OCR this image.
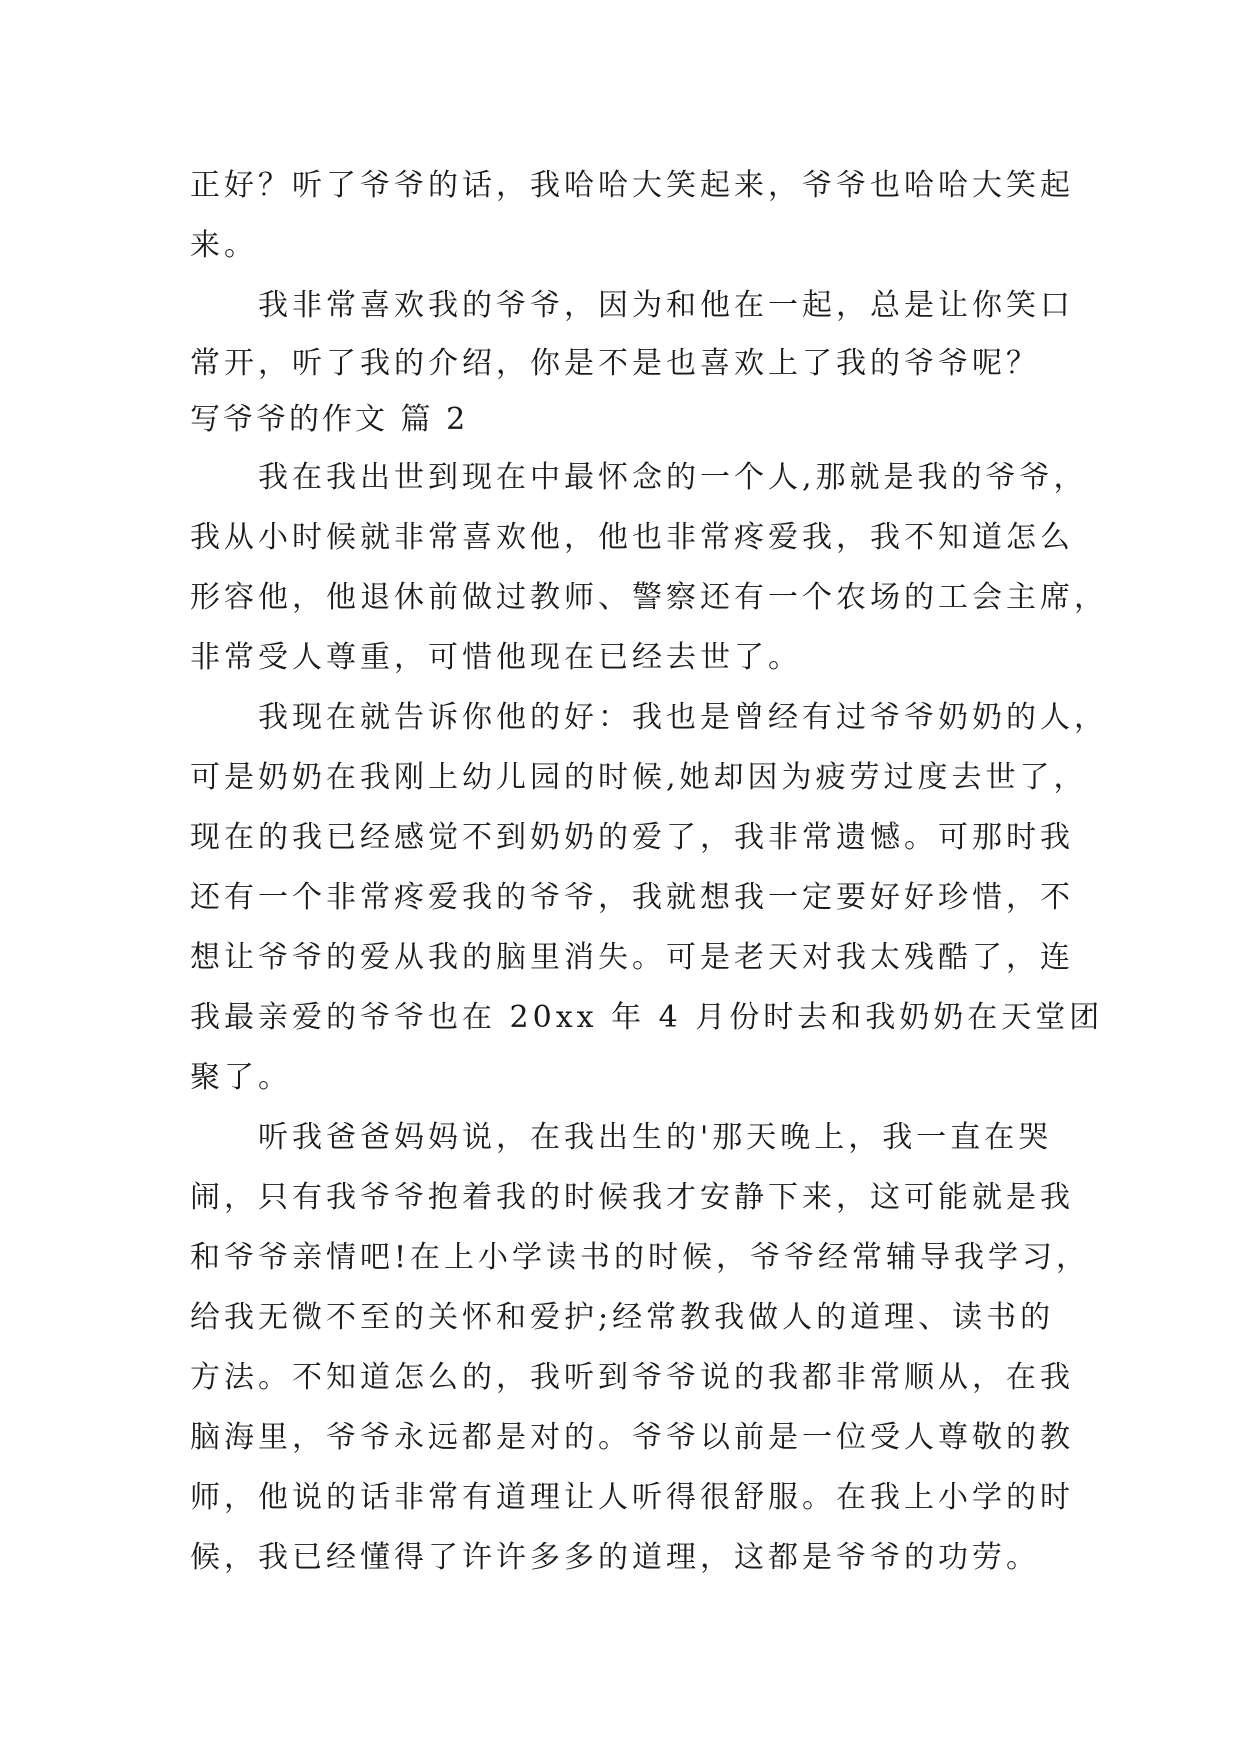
正好？听了爷爷的话，我哈哈大笑起来，爷爷也哈哈大笑起
来。
我非常喜欢我的爷爷，因为和他在一起，总是让你笑口
常开，听了我的介绍，你是不是也喜欢上了我的爷爷呢？
写爷爷的作文 篇 2
我在我出世到现在中最怀念的一个人,那就是我的爷爷，
我从小时候就非常喜欢他，他也非常疼爱我，我不知道怎么
形容他，他退休前做过教师、警察还有一个农场的工会主席，
非常受人尊重，可惜他现在已经去世了。
我现在就告诉你他的好：我也是曾经有过爷爷奶奶的人，
可是奶奶在我刚上幼儿园的时候,她却因为疲劳过度去世了，
现在的我已经感觉不到奶奶的爱了，我非常遗憾。可那时我
还有一个非常疼爱我的爷爷，我就想我一定要好好珍惜，不
想让爷爷的爱从我的脑里消失。可是老天对我太残酷了，连
我最亲爱的爷爷也在 20xx 年 4 月份时去和我奶奶在天堂团
聚了。
听我爸爸妈妈说，在我出生的'那天晚上，我一直在哭
闹，只有我爷爷抱着我的时候我才安静下来，这可能就是我
和爷爷亲情吧!在上小学读书的时候，爷爷经常辅导我学习，
给我无微不至的关怀和爱护;经常教我做人的道理、读书的
方法。不知道怎么的，我听到爷爷说的我都非常顺从，在我
脑海里，爷爷永远都是对的。爷爷以前是一位受人尊敬的教
师，他说的话非常有道理让人听得很舒服。在我上小学的时
候，我已经懂得了许许多多的道理，这都是爷爷的功劳。
